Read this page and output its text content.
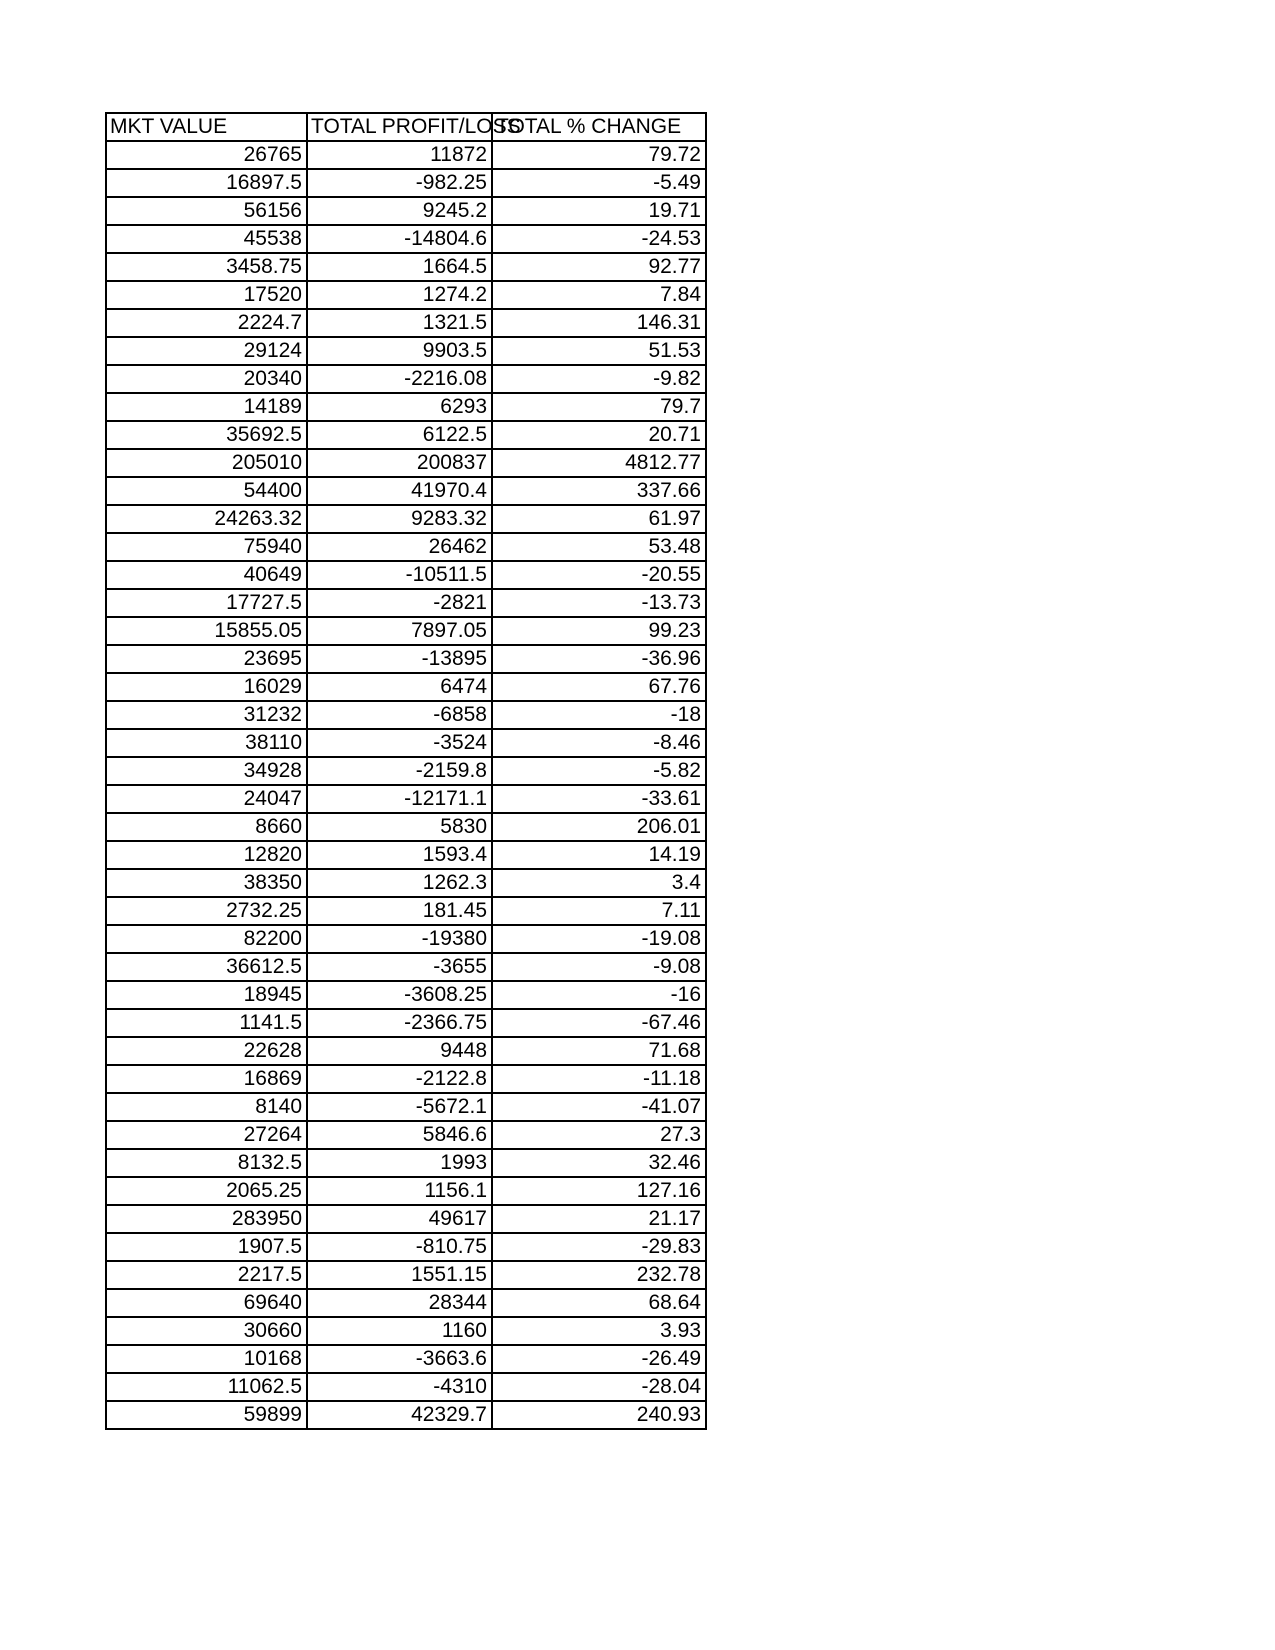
MKT VALUE	TOTAL PROFIT/LOSS	TOTAL % CHANGE
26765	11872	79.72
16897.5	-982.25	-5.49
56156	9245.2	19.71
45538	-14804.6	-24.53
3458.75	1664.5	92.77
17520	1274.2	7.84
2224.7	1321.5	146.31
29124	9903.5	51.53
20340	-2216.08	-9.82
14189	6293	79.7
35692.5	6122.5	20.71
205010	200837	4812.77
54400	41970.4	337.66
24263.32	9283.32	61.97
75940	26462	53.48
40649	-10511.5	-20.55
17727.5	-2821	-13.73
15855.05	7897.05	99.23
23695	-13895	-36.96
16029	6474	67.76
31232	-6858	-18
38110	-3524	-8.46
34928	-2159.8	-5.82
24047	-12171.1	-33.61
8660	5830	206.01
12820	1593.4	14.19
38350	1262.3	3.4
2732.25	181.45	7.11
82200	-19380	-19.08
36612.5	-3655	-9.08
18945	-3608.25	-16
1141.5	-2366.75	-67.46
22628	9448	71.68
16869	-2122.8	-11.18
8140	-5672.1	-41.07
27264	5846.6	27.3
8132.5	1993	32.46
2065.25	1156.1	127.16
283950	49617	21.17
1907.5	-810.75	-29.83
2217.5	1551.15	232.78
69640	28344	68.64
30660	1160	3.93
10168	-3663.6	-26.49
11062.5	-4310	-28.04
59899	42329.7	240.93
